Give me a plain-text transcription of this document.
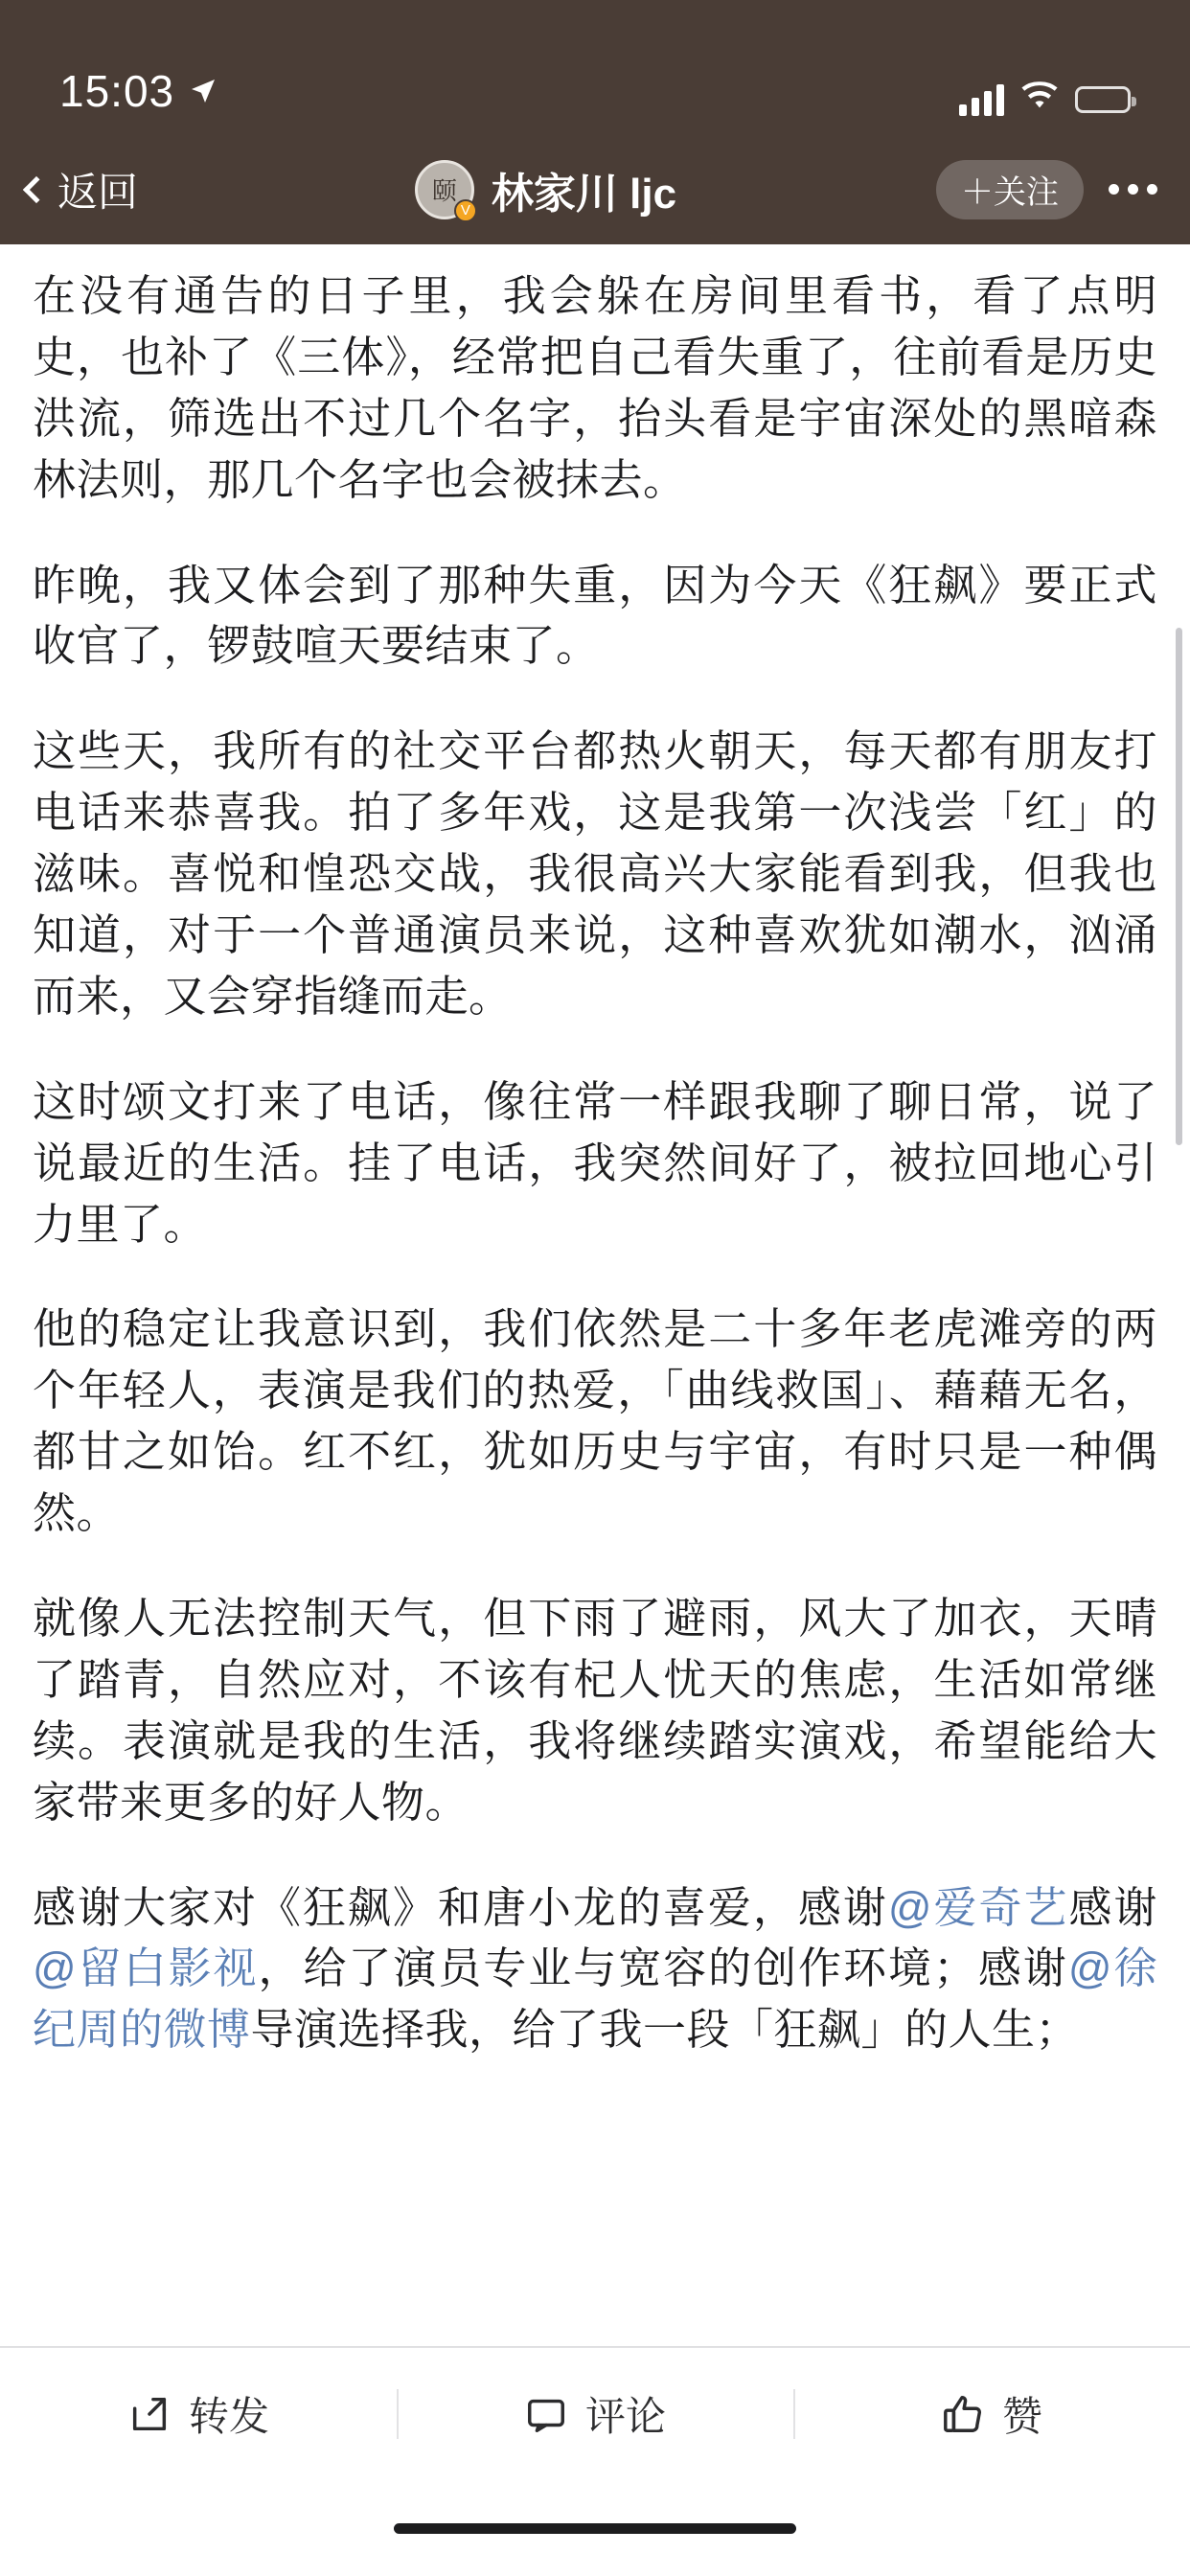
15:03
返回	颐
V 林家川 ljc	＋关注

在没有通告的日子里，我会躲在房间里看书，看了点明史，也补了《三体》，经常把自己看失重了，往前看是历史洪流，筛选出不过几个名字，抬头看是宇宙深处的黑暗森林法则，那几个名字也会被抹去。

昨晚，我又体会到了那种失重，因为今天《狂飙》要正式收官了，锣鼓喧天要结束了。

这些天，我所有的社交平台都热火朝天，每天都有朋友打电话来恭喜我。拍了多年戏，这是我第一次浅尝「红」的滋味。喜悦和惶恐交战，我很高兴大家能看到我，但我也知道，对于一个普通演员来说，这种喜欢犹如潮水，汹涌而来，又会穿指缝而走。

这时颂文打来了电话，像往常一样跟我聊了聊日常，说了说最近的生活。挂了电话，我突然间好了，被拉回地心引力里了。

他的稳定让我意识到，我们依然是二十多年老虎滩旁的两个年轻人，表演是我们的热爱，「曲线救国」、藉藉无名，都甘之如饴。红不红，犹如历史与宇宙，有时只是一种偶然。

就像人无法控制天气，但下雨了避雨，风大了加衣，天晴了踏青，自然应对，不该有杞人忧天的焦虑，生活如常继续。表演就是我的生活，我将继续踏实演戏，希望能给大家带来更多的好人物。

感谢大家对《狂飙》和唐小龙的喜爱，感谢@爱奇艺感谢@留白影视，给了演员专业与宽容的创作环境；感谢@徐纪周的微博导演选择我，给了我一段「狂飙」的人生；

转发	评论	赞
